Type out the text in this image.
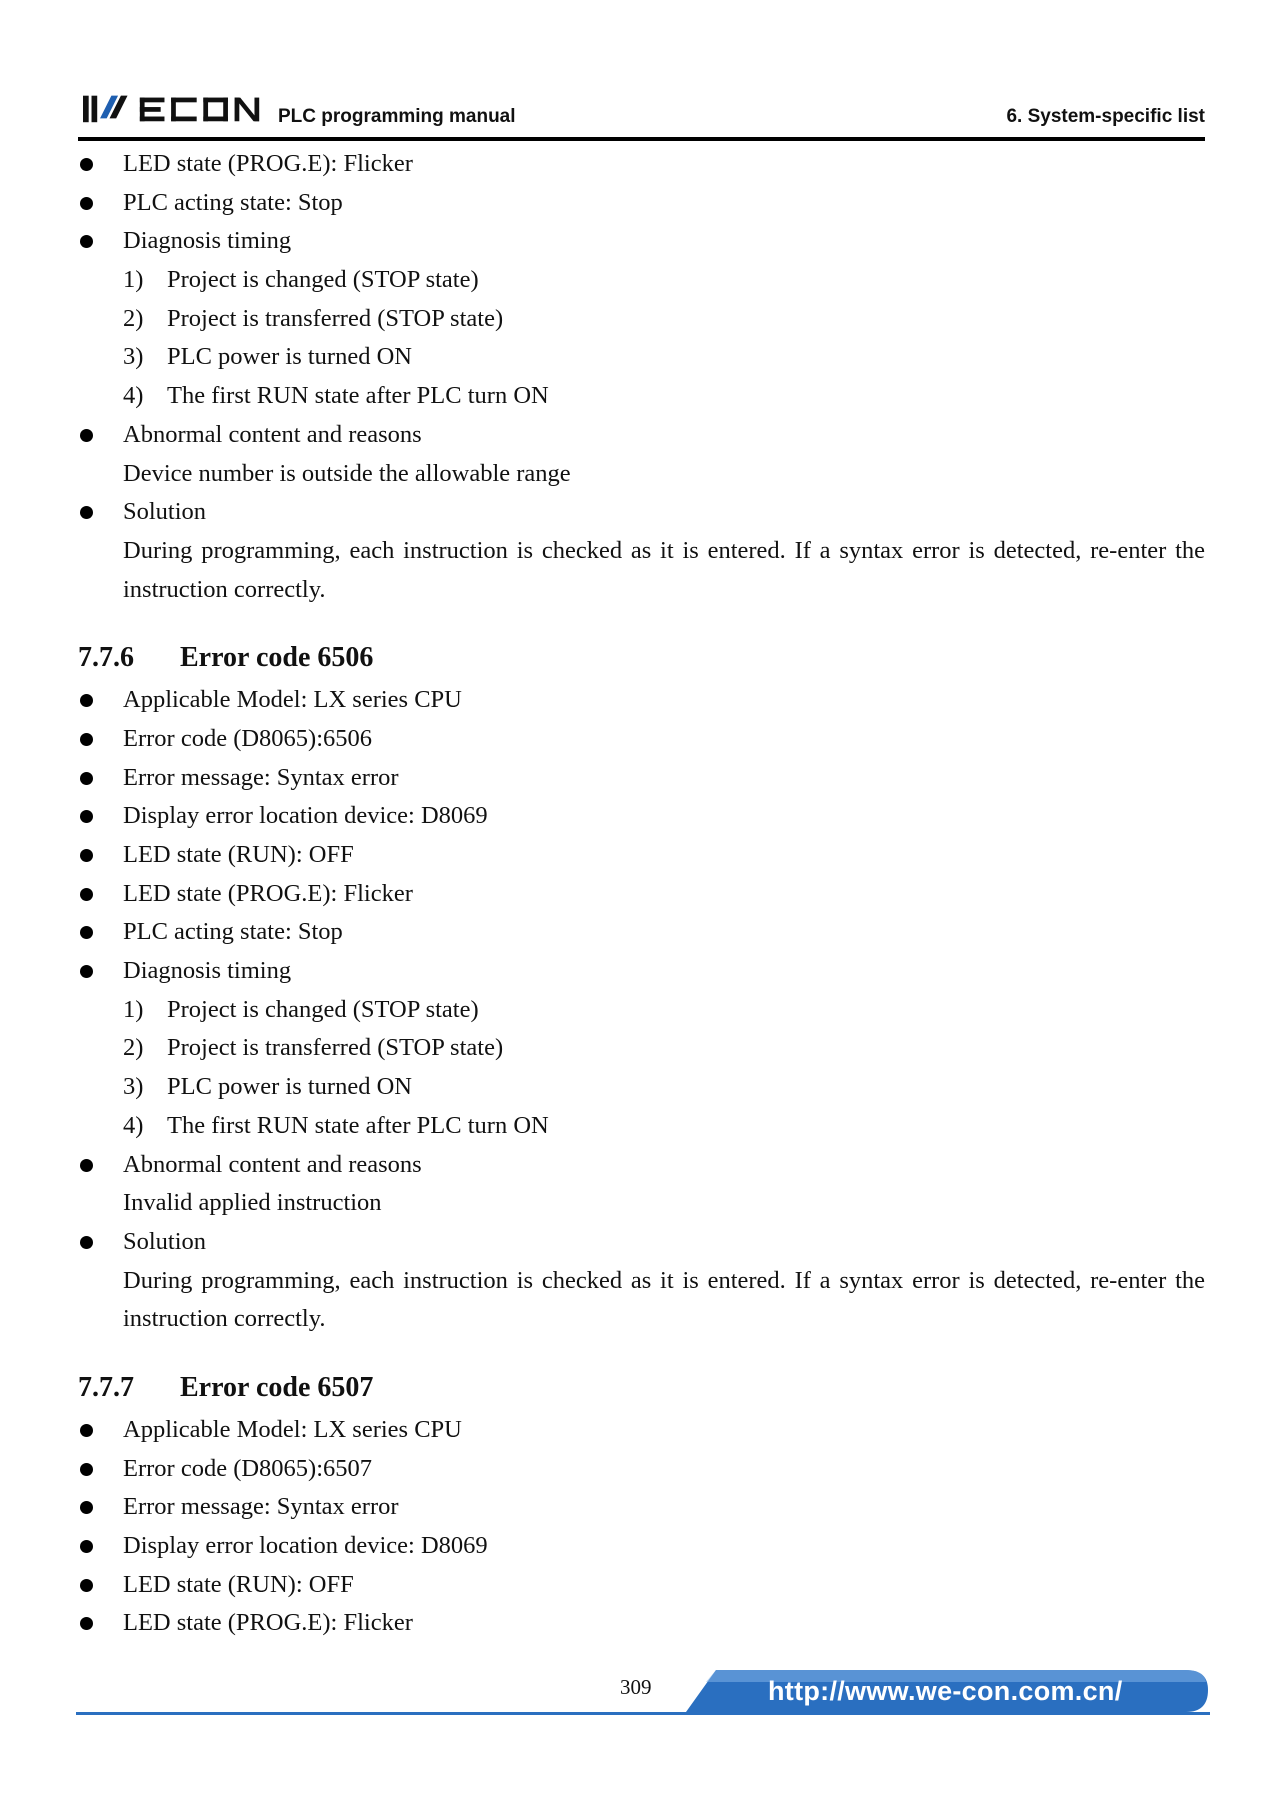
PLC programming manual	6. System-specific list
LED state (PROG.E): Flicker
PLC acting state: Stop
Diagnosis timing
1) Project is changed (STOP state)
2) Project is transferred (STOP state)
3) PLC power is turned ON
4) The first RUN state after PLC turn ON
Abnormal content and reasons
Device number is outside the allowable range
Solution
During programming, each instruction is checked as it is entered. If a syntax error is detected, re-enter the instruction correctly.
7.7.6 Error code 6506
Applicable Model: LX series CPU
Error code (D8065):6506
Error message: Syntax error
Display error location device: D8069
LED state (RUN): OFF
LED state (PROG.E): Flicker
PLC acting state: Stop
Diagnosis timing
1) Project is changed (STOP state)
2) Project is transferred (STOP state)
3) PLC power is turned ON
4) The first RUN state after PLC turn ON
Abnormal content and reasons
Invalid applied instruction
Solution
During programming, each instruction is checked as it is entered. If a syntax error is detected, re-enter the instruction correctly.
7.7.7 Error code 6507
Applicable Model: LX series CPU
Error code (D8065):6507
Error message: Syntax error
Display error location device: D8069
LED state (RUN): OFF
LED state (PROG.E): Flicker
309	http://www.we-con.com.cn/
